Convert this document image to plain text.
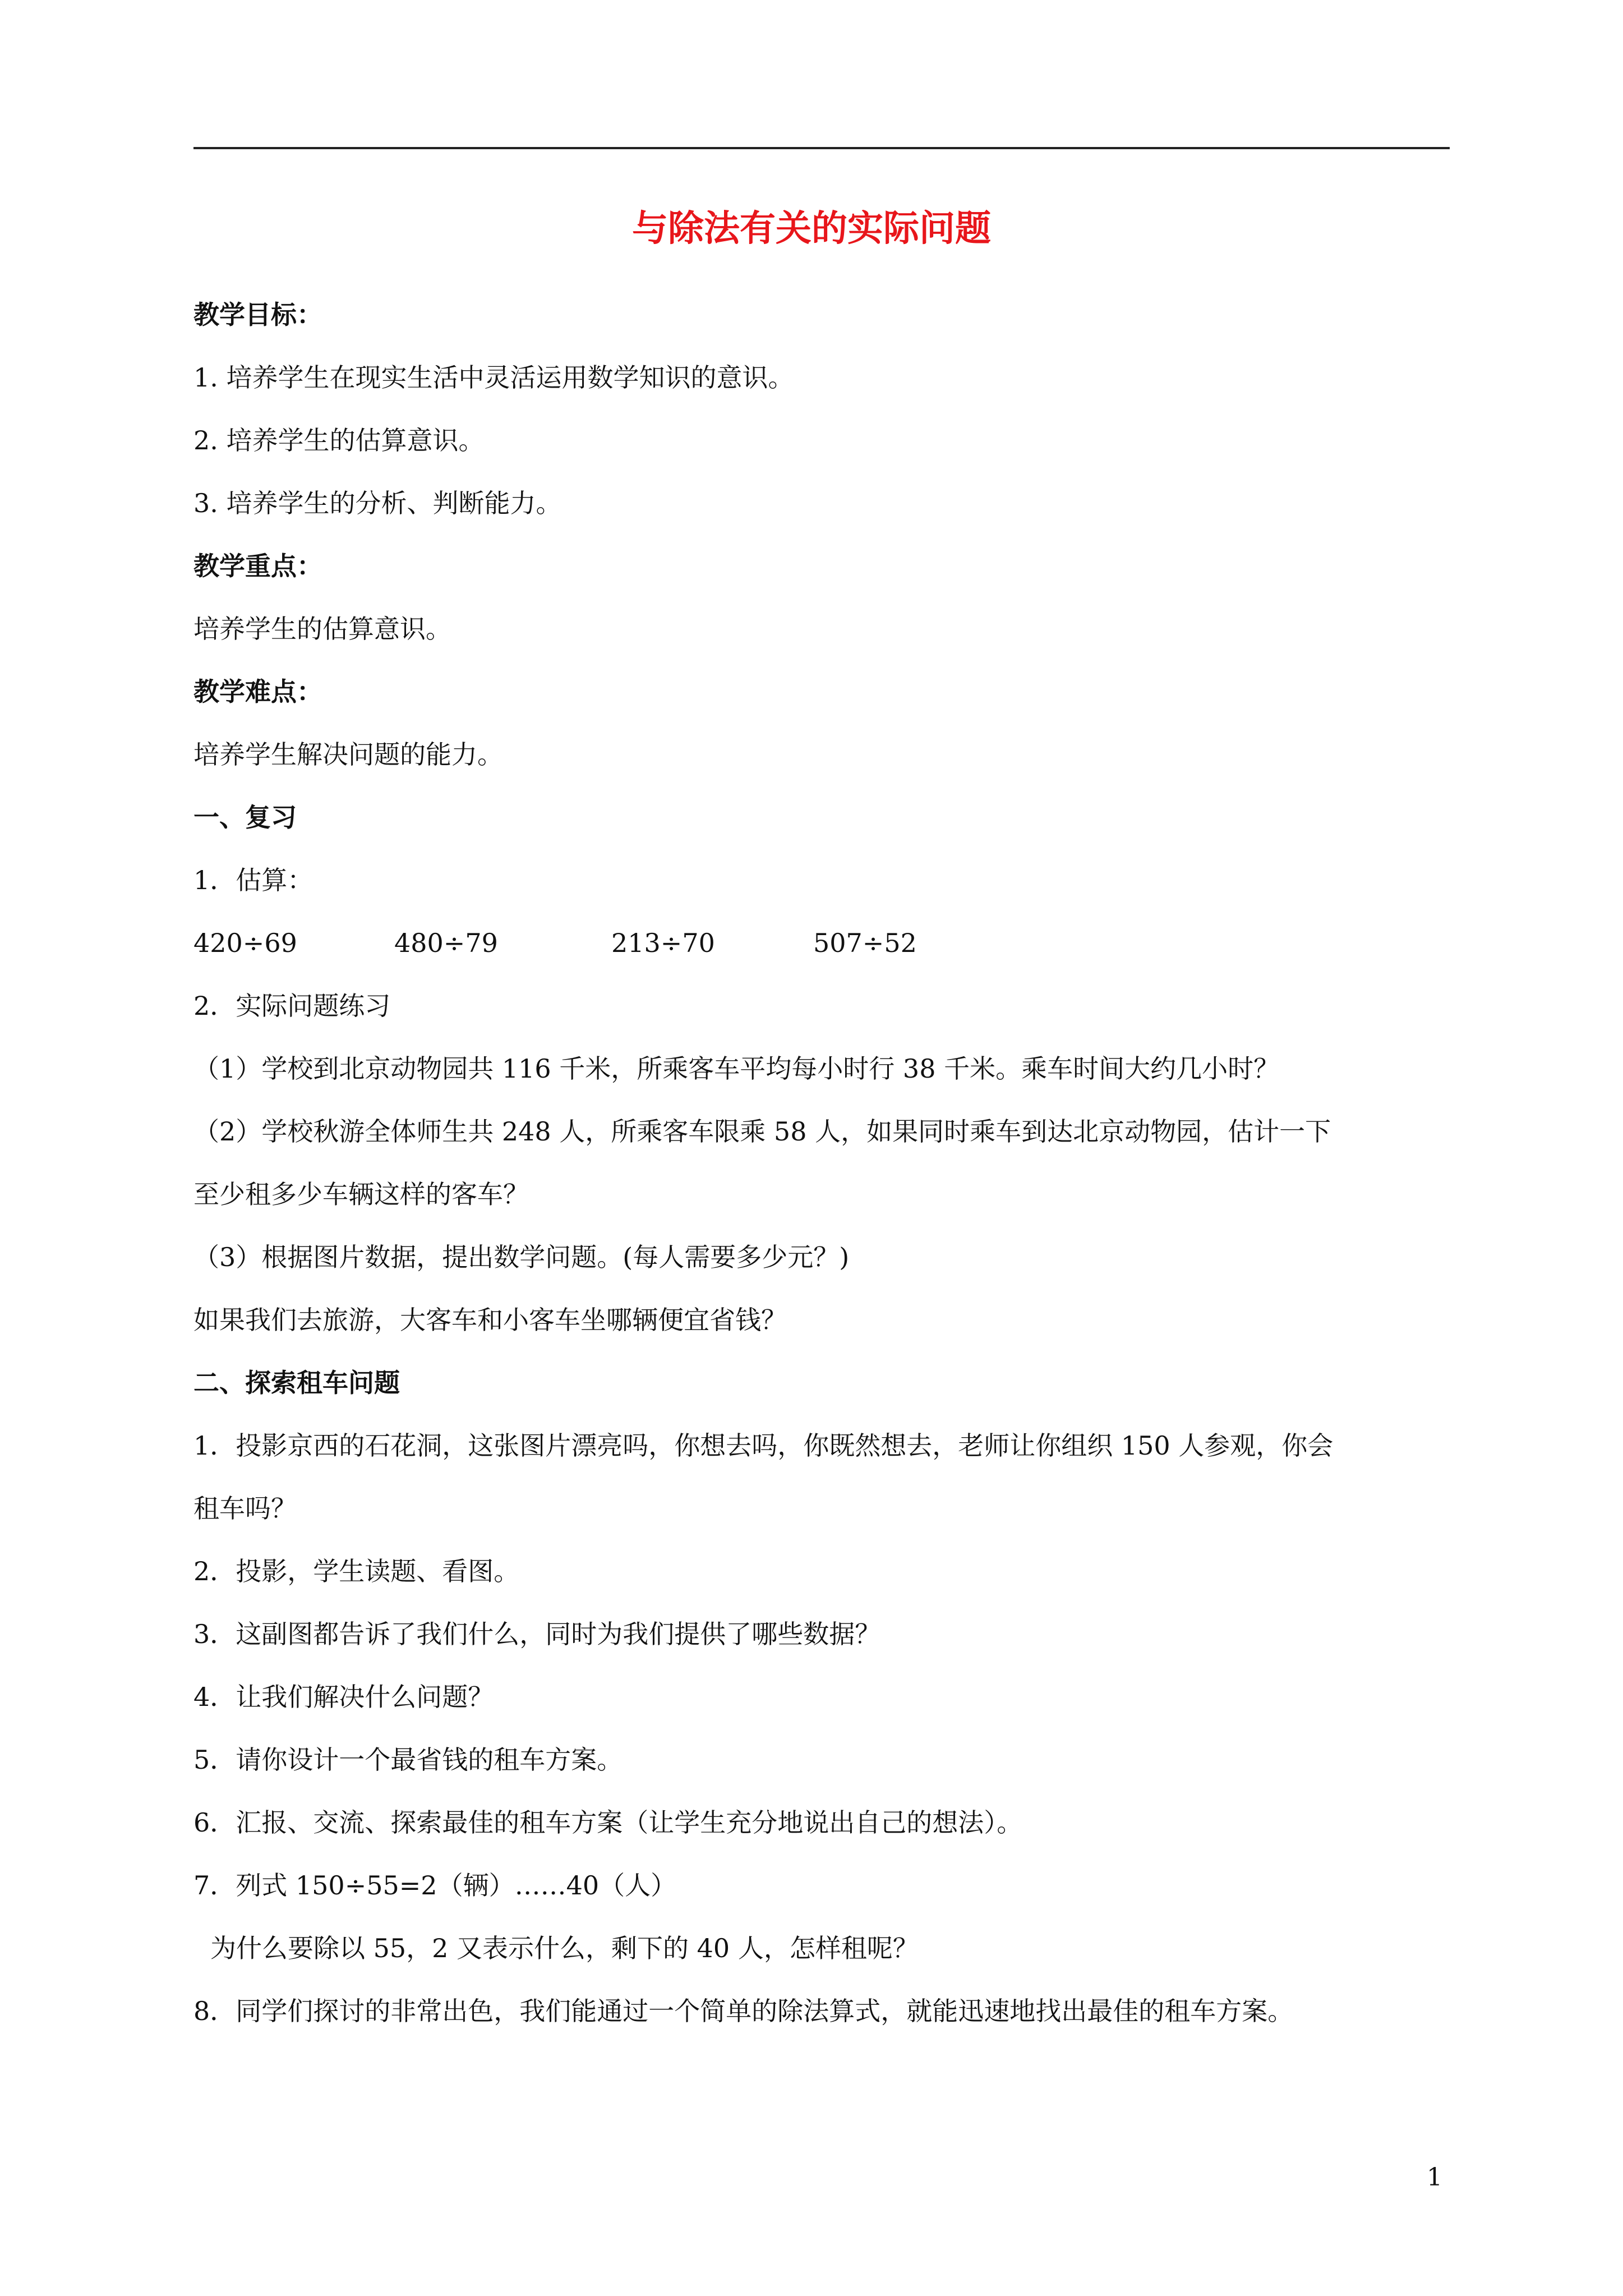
与除法有关的实际问题
教学目标：
1. 培养学生在现实生活中灵活运用数学知识的意识。
2. 培养学生的估算意识。
3. 培养学生的分析、判断能力。
教学重点：
培养学生的估算意识。
教学难点：
培养学生解决问题的能力。
一、复习
1．估算：
420÷69	480÷79	213÷70	507÷52
2．实际问题练习
（1）学校到北京动物园共 116 千米，所乘客车平均每小时行 38 千米。乘车时间大约几小时？
（2）学校秋游全体师生共 248 人，所乘客车限乘 58 人，如果同时乘车到达北京动物园，估计一下
至少租多少车辆这样的客车？
（3）根据图片数据，提出数学问题。(每人需要多少元？)
如果我们去旅游，大客车和小客车坐哪辆便宜省钱？
二、探索租车问题
1．投影京西的石花洞，这张图片漂亮吗，你想去吗，你既然想去，老师让你组织 150 人参观，你会
租车吗？
2．投影，学生读题、看图。
3．这副图都告诉了我们什么，同时为我们提供了哪些数据？
4．让我们解决什么问题？
5．请你设计一个最省钱的租车方案。
6．汇报、交流、探索最佳的租车方案（让学生充分地说出自己的想法）。
7．列式 150÷55=2（辆）……40（人）
为什么要除以 55，2 又表示什么，剩下的 40 人，怎样租呢？
8．同学们探讨的非常出色，我们能通过一个简单的除法算式，就能迅速地找出最佳的租车方案。
1
